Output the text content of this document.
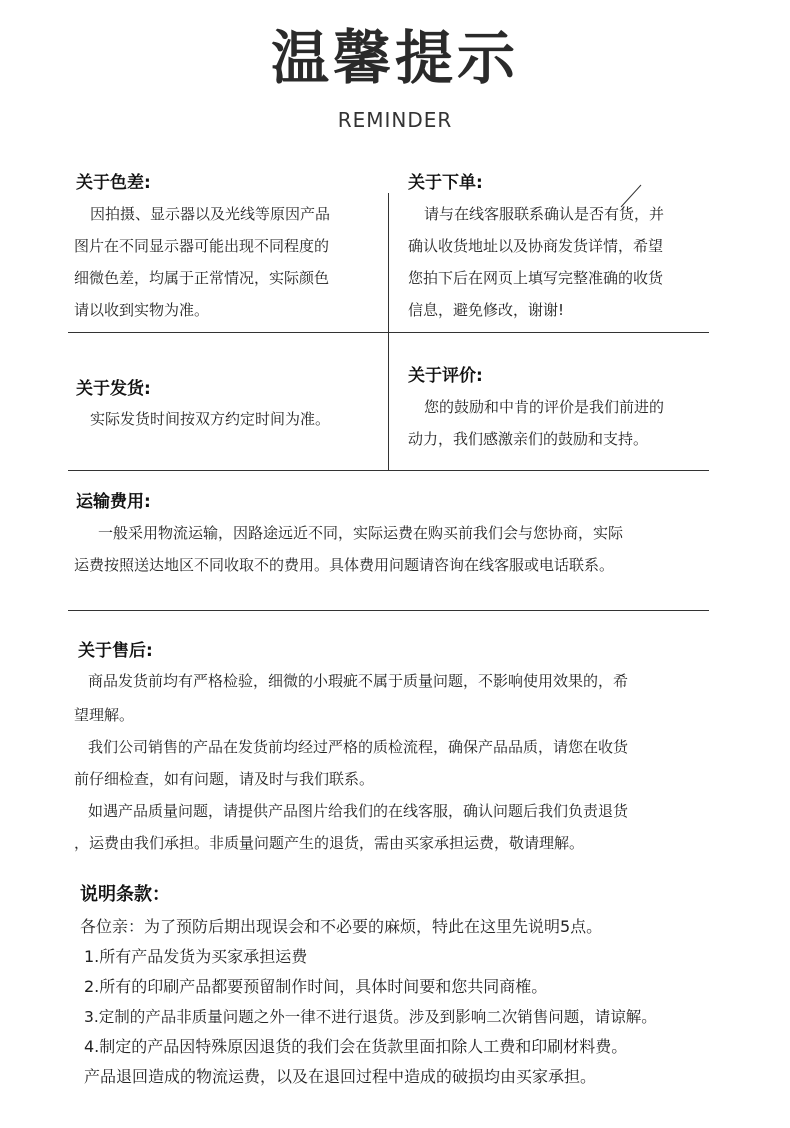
温馨提示
REMINDER
关于色差:
因拍摄、显示器以及光线等原因产品
图片在不同显示器可能出现不同程度的
细微色差，均属于正常情况，实际颜色
请以收到实物为准。
关于下单:
请与在线客服联系确认是否有货，并
确认收货地址以及协商发货详情，希望
您拍下后在网页上填写完整准确的收货
信息，避免修改，谢谢!
关于发货:
实际发货时间按双方约定时间为准。
关于评价:
您的鼓励和中肯的评价是我们前进的
动力，我们感激亲们的鼓励和支持。
运输费用:
一般采用物流运输，因路途远近不同，实际运费在购买前我们会与您协商，实际
运费按照送达地区不同收取不的费用。具体费用问题请咨询在线客服或电话联系。
关于售后:
商品发货前均有严格检验，细微的小瑕疵不属于质量问题，不影响使用效果的，希
望理解。
我们公司销售的产品在发货前均经过严格的质检流程，确保产品品质，请您在收货
前仔细检查，如有问题，请及时与我们联系。
如遇产品质量问题，请提供产品图片给我们的在线客服，确认问题后我们负责退货
，运费由我们承担。非质量问题产生的退货，需由买家承担运费，敬请理解。
说明条款：
各位亲：为了预防后期出现误会和不必要的麻烦，特此在这里先说明5点。
1.所有产品发货为买家承担运费
2.所有的印刷产品都要预留制作时间，具体时间要和您共同商榷。
3.定制的产品非质量问题之外一律不进行退货。涉及到影响二次销售问题，请谅解。
4.制定的产品因特殊原因退货的我们会在货款里面扣除人工费和印刷材料费。
产品退回造成的物流运费，以及在退回过程中造成的破损均由买家承担。
